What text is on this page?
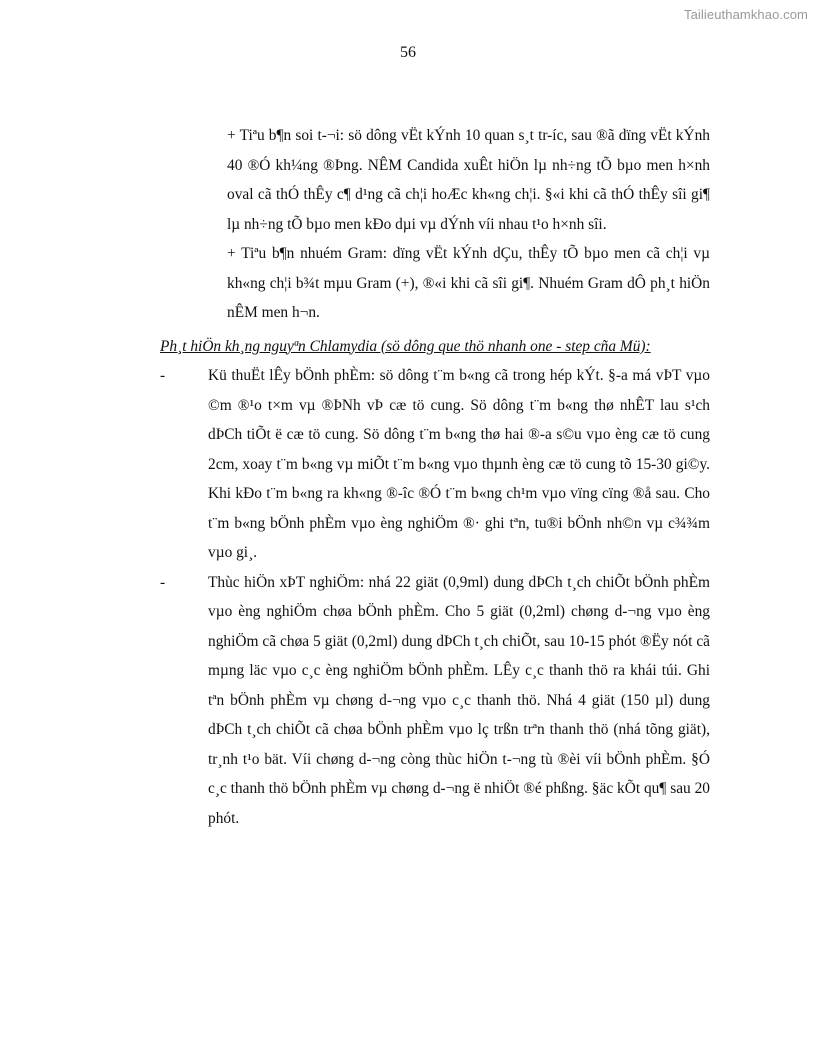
Tailieuthamkhao.com
56
+ Tiªu b¶n soi t-¬i: sö dông vËt kÝnh 10 quan s¸t tr-íc, sau ®ã dïng vËt kÝnh 40 ®Ó kh¼ng ®Þng. NÊM Candida xuÊt hiÖn lµ nh÷ng tÕ bµo men h×nh oval cã thÓ thÊy c¶ d¹ng cã ch¦i hoÆc kh«ng ch¦i. §«i khi cã thÓ thÊy sîi gi¶ lµ nh÷ng tÕ bµo men kÐo dµi vµ dÝnh víi nhau t¹o h×nh sîi.
+ Tiªu b¶n nhuém Gram: dïng vËt kÝnh dÇu, thÊy tÕ bµo men cã ch¦i vµ kh«ng ch¦i b¾t mµu Gram (+), ®«i khi cã sîi gi¶. Nhuém Gram dÔ ph¸t hiÖn nÊM men h¬n.

Ph¸t hiÖn kh¸ng nguyªn Chlamydia (sö dông que thö nhanh one - step cña Mü):

-	Kü thuËt lÊy bÖnh phÈm: sö dông t¨m b«ng cã trong hép kÝt. §-a má vÞT vµo ©m ®¹o t×m vµ ®ÞNh vÞ cæ tö cung. Sö dông t¨m b«ng thø nhÊT lau s¹ch dÞCh tiÕt ë cæ tö cung. Sö dông t¨m b«ng thø hai ®-a s©u vµo èng cæ tö cung 2cm, xoay t¨m b«ng vµ miÕt t¨m b«ng vµo thµnh èng cæ tö cung tõ 15-30 gi©y. Khi kÐo t¨m b«ng ra kh«ng ®-îc ®Ó t¨m b«ng ch¹m vµo vïng cïng ®å sau. Cho t¨m b«ng bÖnh phÈm vµo èng nghiÖm ®· ghi tªn, tu®i bÖnh nh©n vµ c¾¾m vµo gi¸.
-	Thùc hiÖn xÞT nghiÖm: nhá 22 giät (0,9ml) dung dÞCh t¸ch chiÕt bÖnh phÈm vµo èng nghiÖm chøa bÖnh phÈm. Cho 5 giät (0,2ml) chøng d-¬ng vµo èng nghiÖm cã chøa 5 giät (0,2ml) dung dÞCh t¸ch chiÕt, sau 10-15 phót ®Ëy nót cã mµng läc vµo c¸c èng nghiÖm bÖnh phÈm. LÊy c¸c thanh thö ra khái túi. Ghi tªn bÖnh phÈm vµ chøng d-¬ng vµo c¸c thanh thö. Nhá 4 giät (150 µl) dung dÞCh t¸ch chiÕt cã chøa bÖnh phÈm vµo lç trßn trªn thanh thö (nhá tõng giät), tr¸nh t¹o bät. Víi chøng d-¬ng còng thùc hiÖn t-¬ng tù ®èi víi bÖnh phÈm. §Ó c¸c thanh thö bÖnh phÈm vµ chøng d-¬ng ë nhiÖt ®é phßng. §äc kÕt qu¶ sau 20 phót.
